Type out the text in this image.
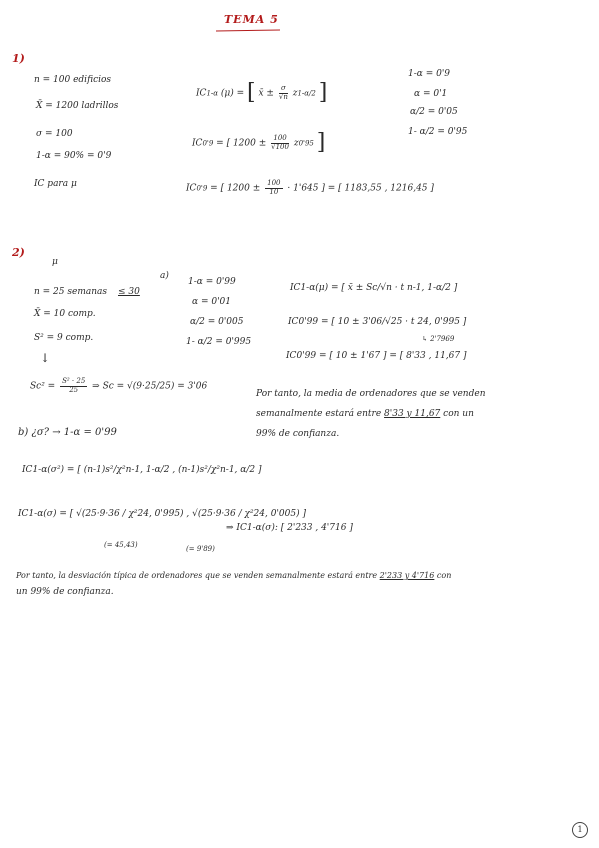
TEMA 5
1)
n = 100 edificios
X̄ = 1200 ladrillos
σ = 100
1-α = 90% = 0'9
IC para μ
IC1-α (μ) = [ x̄ ± $\frac{\sigma}{√n} z1-\alpha/2$ ]
IC0'9 = [ $1200 \pm \frac{100}{√100} z0'95$ ]
IC0'9 = [ $1200 \pm \frac{100}{10} \cdot 1'645$ ] = [ 1183,55 , 1216,45 ]
1-α = 0'9
α = 0'1
α/2 = 0'05
1- α/2 = 0'95
2)
μ
n = 25 semanas ≤ 30
X̄ = 10 comp.
S² = 9 comp.
↓
$Sc^2 = \frac{\text{S² · 25}}{25}$ ⇒ Sc = √(9·25/25) = 3'06
a)
1-α = 0'99
α = 0'01
α/2 = 0'005
1- α/2 = 0'995
IC1-α(μ) = [ x̄ ± Sc/√n · t n-1, 1-α/2 ]
IC0'99 = [ 10 ± 3'06/√25 · t 24, 0'995 ]
↳ 2'7969
IC0'99 = [ 10 ± 1'67 ] = [ 8'33 , 11,67 ]
Por tanto, la media de ordenadores que se venden
semanalmente estará entre 8'33 y 11,67 con un
99% de confianza.
b) ¿σ? → 1-α = 0'99
IC1-α(σ²) = [ (n-1)s²/χ²n-1, 1-α/2 , (n-1)s²/χ²n-1, α/2 ]
IC1-α(σ) = [ √(25·9·36 / χ²24, 0'995) , √(25·9·36 / χ²24, 0'005) ]
(= 45,43)	(= 9'89)
⇒ IC1-α(σ): [ 2'233 , 4'716 ]
Por tanto, la desviación típica de ordenadores que se venden semanalmente estará entre 2'233 y 4'716 con
un 99% de confianza.
1
